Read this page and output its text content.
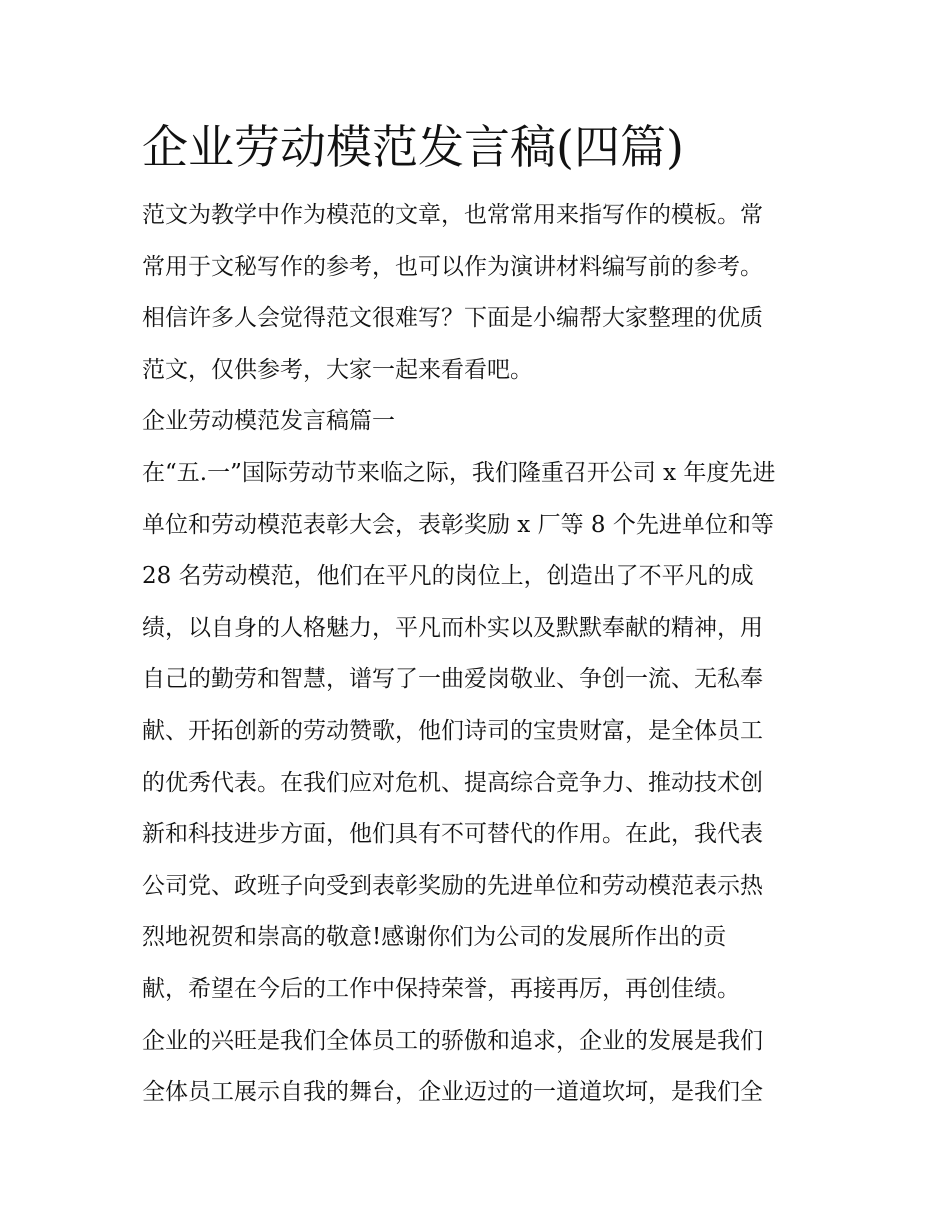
企业劳动模范发言稿(四篇)

范文为教学中作为模范的文章，也常常用来指写作的模板。常

常用于文秘写作的参考，也可以作为演讲材料编写前的参考。

相信许多人会觉得范文很难写？下面是小编帮大家整理的优质

范文，仅供参考，大家一起来看看吧。

企业劳动模范发言稿篇一

在“五.一”国际劳动节来临之际，我们隆重召开公司 x 年度先进

单位和劳动模范表彰大会，表彰奖励 x 厂等 8 个先进单位和等

28 名劳动模范，他们在平凡的岗位上，创造出了不平凡的成

绩，以自身的人格魅力，平凡而朴实以及默默奉献的精神，用

自己的勤劳和智慧，谱写了一曲爱岗敬业、争创一流、无私奉

献、开拓创新的劳动赞歌，他们诗司的宝贵财富，是全体员工

的优秀代表。在我们应对危机、提高综合竞争力、推动技术创

新和科技进步方面，他们具有不可替代的作用。在此，我代表

公司党、政班子向受到表彰奖励的先进单位和劳动模范表示热

烈地祝贺和崇高的敬意!感谢你们为公司的发展所作出的贡

献，希望在今后的工作中保持荣誉，再接再厉，再创佳绩。

企业的兴旺是我们全体员工的骄傲和追求，企业的发展是我们

全体员工展示自我的舞台，企业迈过的一道道坎坷，是我们全
